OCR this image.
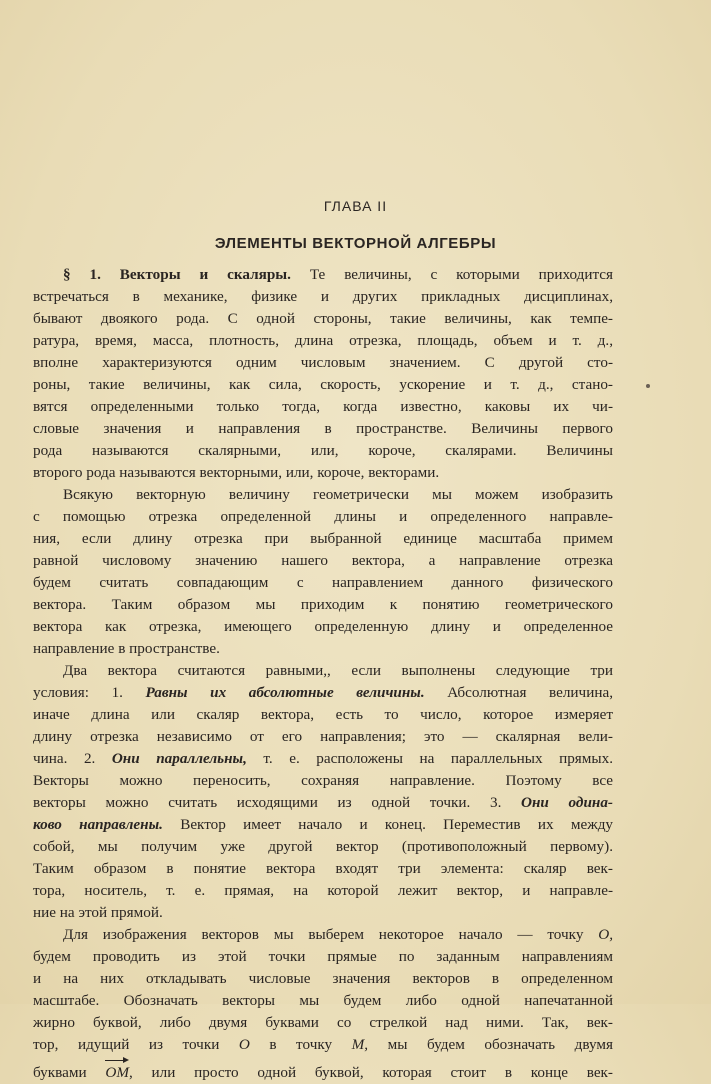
ГЛАВА II
ЭЛЕМЕНТЫ ВЕКТОРНОЙ АЛГЕБРЫ
§ 1. Векторы и скаляры. Те величины, с которыми приходится
встречаться в механике, физике и других прикладных дисциплинах,
бывают двоякого рода. С одной стороны, такие величины, как темпе-
ратура, время, масса, плотность, длина отрезка, площадь, объем и т. д.,
вполне характеризуются одним числовым значением. С другой сто-
роны, такие величины, как сила, скорость, ускорение и т. д., стано-
вятся определенными только тогда, когда известно, каковы их чи-
словые значения и направления в пространстве. Величины первого
рода называются скалярными, или, короче, скалярами. Величины
второго рода называются векторными, или, короче, векторами.
Всякую векторную величину геометрически мы можем изобразить
с помощью отрезка определенной длины и определенного направле-
ния, если длину отрезка при выбранной единице масштаба примем
равной числовому значению нашего вектора, а направление отрезка
будем считать совпадающим с направлением данного физического
вектора. Таким образом мы приходим к понятию геометрического
вектора как отрезка, имеющего определенную длину и определенное
направление в пространстве.
Два вектора считаются равными,, если выполнены следующие три
условия: 1. Равны их абсолютные величины. Абсолютная величина,
иначе длина или скаляр вектора, есть то число, которое измеряет
длину отрезка независимо от его направления; это — скалярная вели-
чина. 2. Они параллельны, т. е. расположены на параллельных прямых.
Векторы можно переносить, сохраняя направление. Поэтому все
векторы можно считать исходящими из одной точки. 3. Они одина-
ково направлены. Вектор имеет начало и конец. Переместив их между
собой, мы получим уже другой вектор (противоположный первому).
Таким образом в понятие вектора входят три элемента: скаляр век-
тора, носитель, т. е. прямая, на которой лежит вектор, и направле-
ние на этой прямой.
Для изображения векторов мы выберем некоторое начало — точку O,
будем проводить из этой точки прямые по заданным направлениям
и на них откладывать числовые значения векторов в определенном
масштабе. Обозначать векторы мы будем либо одной напечатанной
жирно буквой, либо двумя буквами со стрелкой над ними. Так, век-
тор, идущий из точки O в точку M, мы будем обозначать двумя
буквами OM, или просто одной буквой, которая стоит в конце век-
